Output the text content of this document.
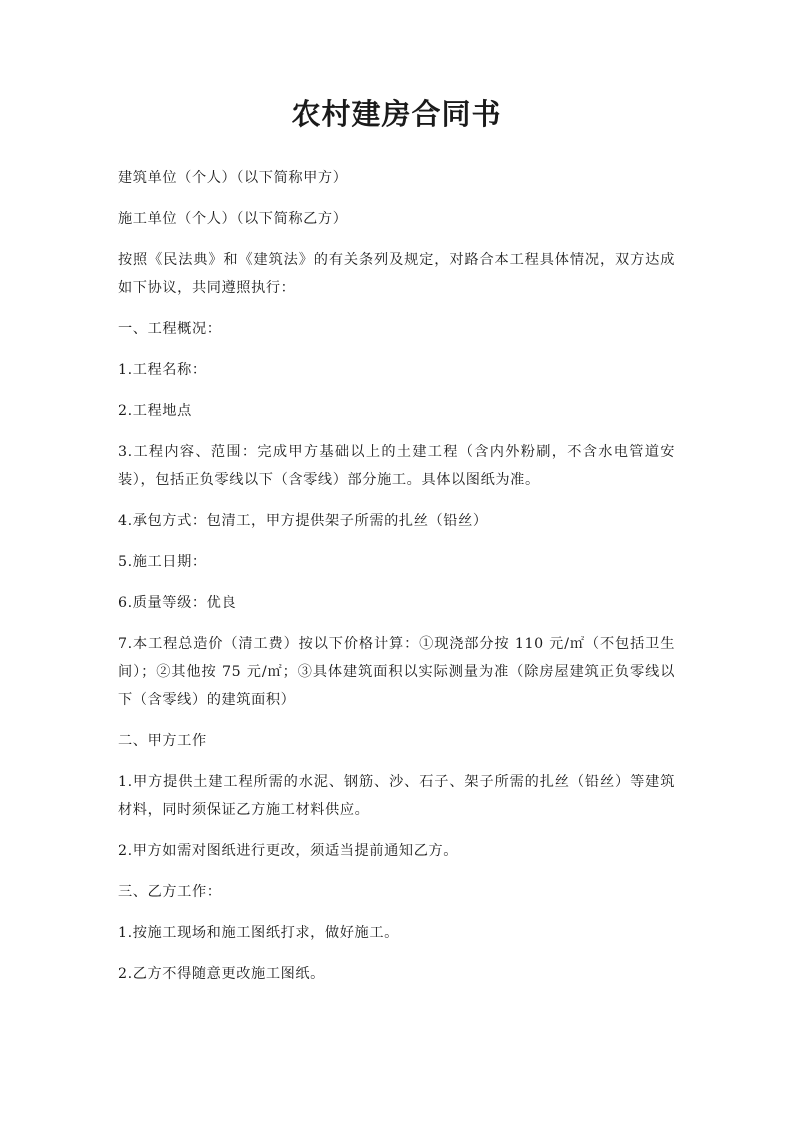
农村建房合同书

建筑单位（个人）（以下简称甲方）

施工单位（个人）（以下简称乙方）

按照《民法典》和《建筑法》的有关条列及规定，对路合本工程具体情况，双方达成如下协议，共同遵照执行：

一、工程概况：

1.工程名称：

2.工程地点

3.工程内容、范围：完成甲方基础以上的土建工程（含内外粉刷，不含水电管道安装），包括正负零线以下（含零线）部分施工。具体以图纸为准。

4.承包方式：包清工，甲方提供架子所需的扎丝（铅丝）

5.施工日期：

6.质量等级：优良

7.本工程总造价（清工费）按以下价格计算：①现浇部分按 110 元/㎡（不包括卫生间）；②其他按 75 元/㎡；③具体建筑面积以实际测量为准（除房屋建筑正负零线以下（含零线）的建筑面积）

二、甲方工作

1.甲方提供土建工程所需的水泥、钢筋、沙、石子、架子所需的扎丝（铅丝）等建筑材料，同时须保证乙方施工材料供应。

2.甲方如需对图纸进行更改，须适当提前通知乙方。

三、乙方工作：

1.按施工现场和施工图纸打求，做好施工。

2.乙方不得随意更改施工图纸。
